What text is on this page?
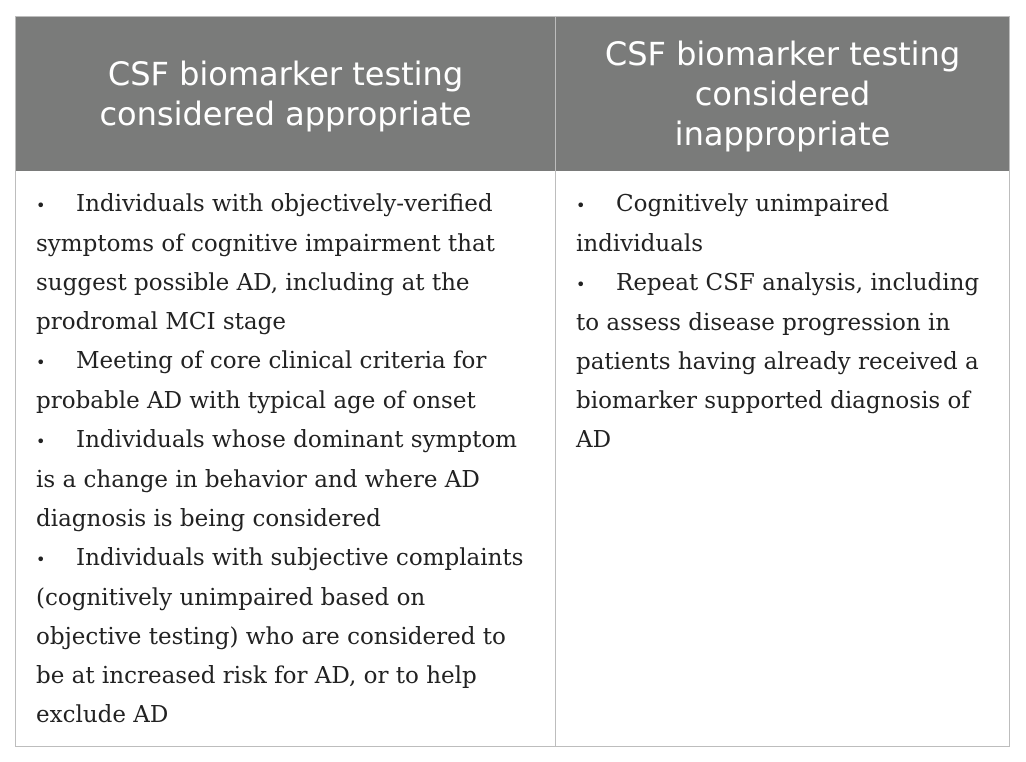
CSF biomarker testing considered appropriate
CSF biomarker testing considered inappropriate

• Individuals with objectively-verified symptoms of cognitive impairment that suggest possible AD, including at the prodromal MCI stage

• Meeting of core clinical criteria for probable AD with typical age of onset

• Individuals whose dominant symptom is a change in behavior and where AD diagnosis is being considered

• Individuals with subjective complaints (cognitively unimpaired based on objective testing) who are considered to be at increased risk for AD, or to help exclude AD

• Cognitively unimpaired individuals

• Repeat CSF analysis, including to assess disease progression in patients having already received a biomarker supported diagnosis of AD
